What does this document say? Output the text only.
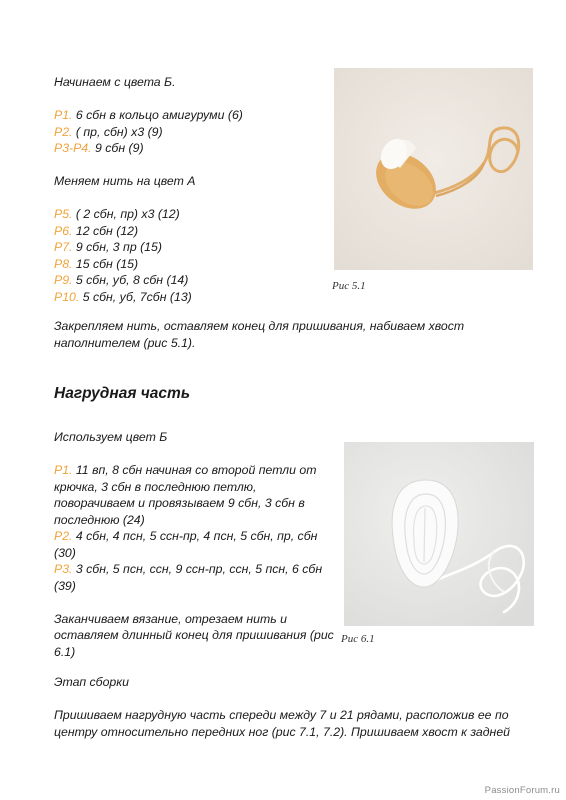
Начинаем с цвета Б.

Р1. 6 сбн в кольцо амигуруми (6)

Р2. ( пр, сбн) х3 (9)

Р3-Р4. 9 сбн (9)

Меняем нить на цвет А

Р5. ( 2 сбн, пр) х3 (12)

Р6. 12 сбн (12)

Р7. 9 сбн, 3 пр (15)

Р8. 15 сбн (15)

Р9. 5 сбн, уб, 8 сбн (14)

Р10. 5 сбн, уб, 7сбн (13)

Закрепляем нить, оставляем конец для пришивания, набиваем хвост

наполнителем (рис 5.1).

Рис 5.1
Нагрудная часть

Используем цвет Б

Р1. 11 вп, 8 сбн начиная со второй петли от

крючка, 3 сбн в последнюю петлю,

поворачиваем и провязываем 9 сбн, 3 сбн в

последнюю (24)

Р2. 4 сбн, 4 псн, 5 ссн-пр, 4 псн, 5 сбн, пр, сбн

(30)

Р3. 3 сбн, 5 псн, ссн, 9 ссн-пр, ссн, 5 псн, 6 сбн

(39)

Заканчиваем вязание, отрезаем нить и

оставляем длинный конец для пришивания (рис

6.1)

Рис 6.1

Этап сборки

Пришиваем нагрудную часть спереди между 7 и 21 рядами, расположив ее по

центру относительно передних ног (рис 7.1, 7.2). Пришиваем хвост к задней

PassionForum.ru
